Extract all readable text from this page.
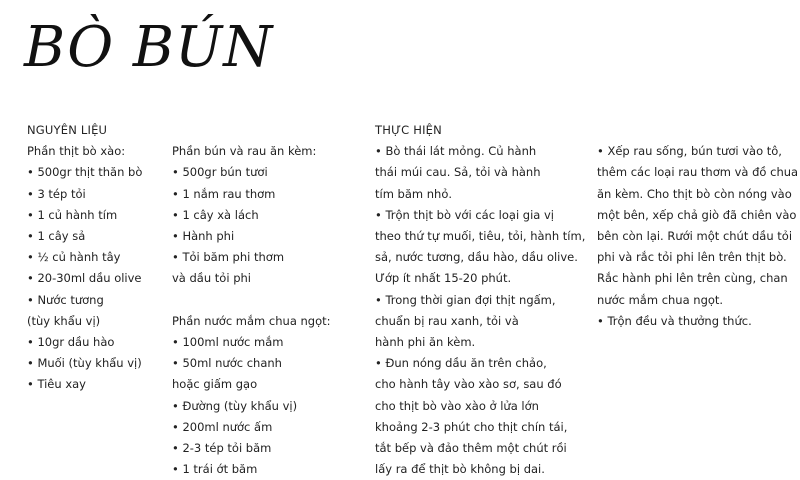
BÒ BÚN
NGUYÊN LIỆU
Phần thịt bò xào:
• 500gr thịt thăn bò
• 3 tép tỏi
• 1 củ hành tím
• 1 cây sả
• ½ củ hành tây
• 20-30ml dầu olive
• Nước tương
(tùy khẩu vị)
• 10gr dầu hào
• Muối (tùy khẩu vị)
• Tiêu xay
Phần bún và rau ăn kèm:
• 500gr bún tươi
• 1 nắm rau thơm
• 1 cây xà lách
• Hành phi
• Tỏi băm phi thơm
và dầu tỏi phi
Phần nước mắm chua ngọt:
• 100ml nước mắm
• 50ml nước chanh
hoặc giấm gạo
• Đường (tùy khẩu vị)
• 200ml nước ấm
• 2-3 tép tỏi băm
• 1 trái ớt băm
THỰC HIỆN
• Bò thái lát mỏng. Củ hành
thái múi cau. Sả, tỏi và hành
tím băm nhỏ.
• Trộn thịt bò với các loại gia vị
theo thứ tự muối, tiêu, tỏi, hành tím,
sả, nước tương, dầu hào, dầu olive.
Ướp ít nhất 15-20 phút.
• Trong thời gian đợi thịt ngấm,
chuẩn bị rau xanh, tỏi và
hành phi ăn kèm.
• Đun nóng dầu ăn trên chảo,
cho hành tây vào xào sơ, sau đó
cho thịt bò vào xào ở lửa lớn
khoảng 2-3 phút cho thịt chín tái,
tắt bếp và đảo thêm một chút rồi
lấy ra để thịt bò không bị dai.
• Xếp rau sống, bún tươi vào tô,
thêm các loại rau thơm và đồ chua
ăn kèm. Cho thịt bò còn nóng vào
một bên, xếp chả giò đã chiên vào
bên còn lại. Rưới một chút dầu tỏi
phi và rắc tỏi phi lên trên thịt bò.
Rắc hành phi lên trên cùng, chan
nước mắm chua ngọt.
• Trộn đều và thưởng thức.
